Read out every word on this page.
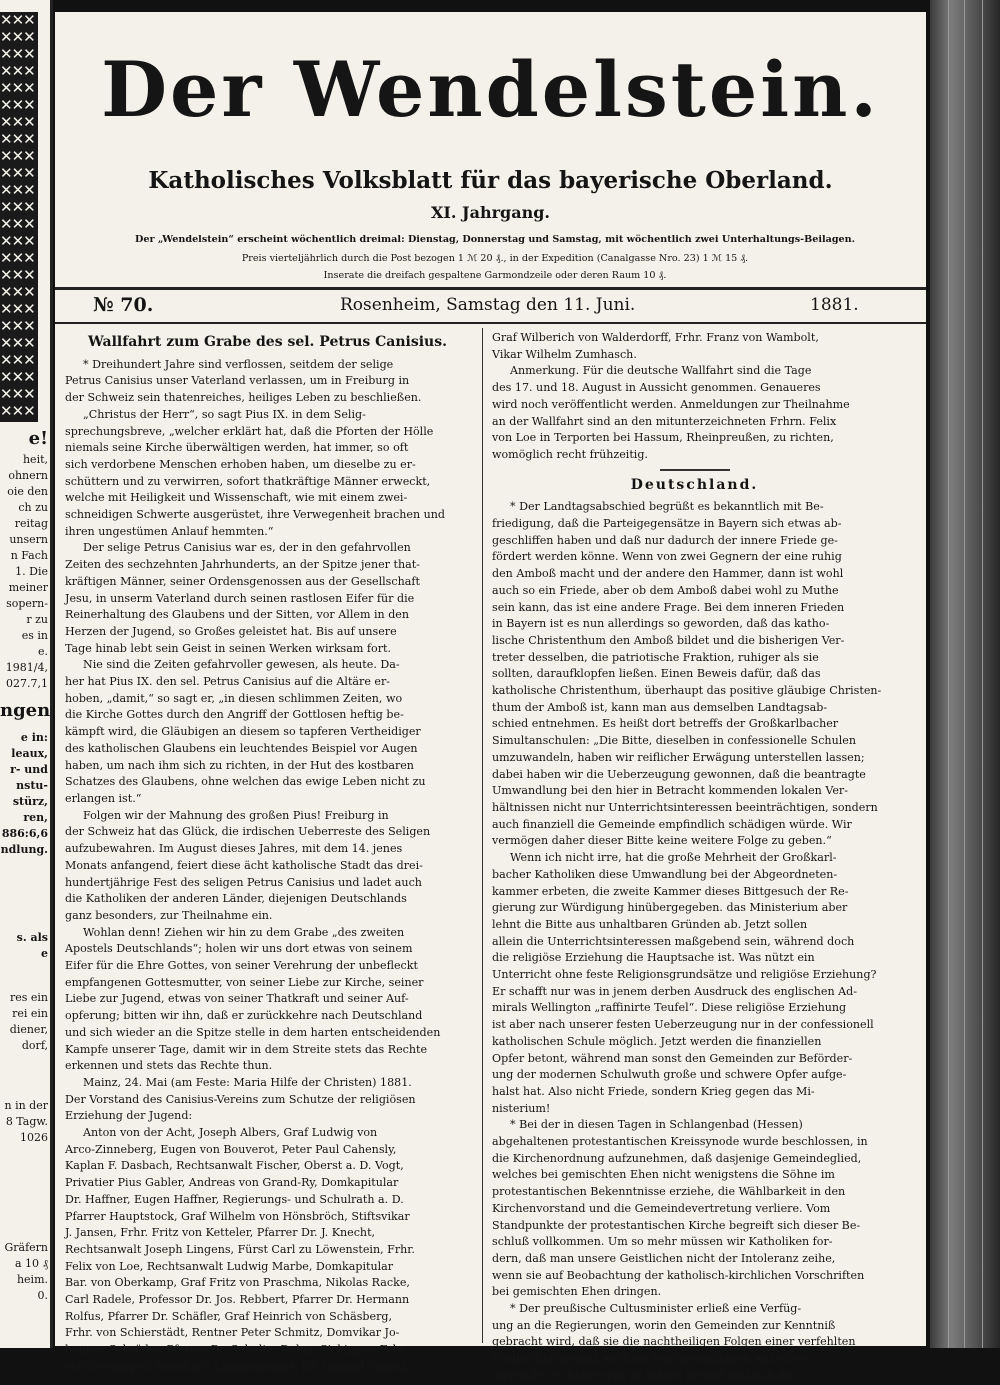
✕✕✕
✕✕✕
✕✕✕
✕✕✕
✕✕✕
✕✕✕
✕✕✕
✕✕✕
✕✕✕
✕✕✕
✕✕✕
✕✕✕
✕✕✕
✕✕✕
✕✕✕
✕✕✕
✕✕✕
✕✕✕
✕✕✕
✕✕✕
✕✕✕
✕✕✕
✕✕✕
✕✕✕
e!
heit,
ohnern
oie den
ch zu
reitag
unsern
n Fach
1. Die
meiner
sopern-
r zu
es in
e.
1981/4,
027.7,1
ngen
e in:
leaux,
r- und
nstu-
stürz,
ren,
886:6,6
ndlung.
s. als
e
res ein
rei ein
diener,
dorf,
n in der
8 Tagw.
1026
Gräfern
a 10 ₰
heim.
0.
Der Wendelstein.
Katholisches Volksblatt für das bayerische Oberland.
XI. Jahrgang.
Der „Wendelstein“ erscheint wöchentlich dreimal: Dienstag, Donnerstag und Samstag, mit wöchentlich zwei Unterhaltungs-Beilagen.
Preis vierteljährlich durch die Post bezogen 1 ℳ 20 ₰., in der Expedition (Canalgasse Nro. 23) 1 ℳ 15 ₰.
Inserate die dreifach gespaltene Garmondzeile oder deren Raum 10 ₰.
№ 70.	Rosenheim, Samstag den 11. Juni.	1881.
Wallfahrt zum Grabe des sel. Petrus Canisius.

* Dreihundert Jahre sind verflossen, seitdem der selige

Petrus Canisius unser Vaterland verlassen, um in Freiburg in

der Schweiz sein thatenreiches, heiliges Leben zu beschließen.

„Christus der Herr“, so sagt Pius IX. in dem Selig-

sprechungsbreve, „welcher erklärt hat, daß die Pforten der Hölle

niemals seine Kirche überwältigen werden, hat immer, so oft

sich verdorbene Menschen erhoben haben, um dieselbe zu er-

schüttern und zu verwirren, sofort thatkräftige Männer erweckt,

welche mit Heiligkeit und Wissenschaft, wie mit einem zwei-

schneidigen Schwerte ausgerüstet, ihre Verwegenheit brachen und

ihren ungestümen Anlauf hemmten.“

Der selige Petrus Canisius war es, der in den gefahrvollen

Zeiten des sechzehnten Jahrhunderts, an der Spitze jener that-

kräftigen Männer, seiner Ordensgenossen aus der Gesellschaft

Jesu, in unserm Vaterland durch seinen rastlosen Eifer für die

Reinerhaltung des Glaubens und der Sitten, vor Allem in den

Herzen der Jugend, so Großes geleistet hat. Bis auf unsere

Tage hinab lebt sein Geist in seinen Werken wirksam fort.

Nie sind die Zeiten gefahrvoller gewesen, als heute. Da-

her hat Pius IX. den sel. Petrus Canisius auf die Altäre er-

hoben, „damit,“ so sagt er, „in diesen schlimmen Zeiten, wo

die Kirche Gottes durch den Angriff der Gottlosen heftig be-

kämpft wird, die Gläubigen an diesem so tapferen Vertheidiger

des katholischen Glaubens ein leuchtendes Beispiel vor Augen

haben, um nach ihm sich zu richten, in der Hut des kostbaren

Schatzes des Glaubens, ohne welchen das ewige Leben nicht zu

erlangen ist.“

Folgen wir der Mahnung des großen Pius! Freiburg in

der Schweiz hat das Glück, die irdischen Ueberreste des Seligen

aufzubewahren. Im August dieses Jahres, mit dem 14. jenes

Monats anfangend, feiert diese ächt katholische Stadt das drei-

hundertjährige Fest des seligen Petrus Canisius und ladet auch

die Katholiken der anderen Länder, diejenigen Deutschlands

ganz besonders, zur Theilnahme ein.

Wohlan denn! Ziehen wir hin zu dem Grabe „des zweiten

Apostels Deutschlands“; holen wir uns dort etwas von seinem

Eifer für die Ehre Gottes, von seiner Verehrung der unbefleckt

empfangenen Gottesmutter, von seiner Liebe zur Kirche, seiner

Liebe zur Jugend, etwas von seiner Thatkraft und seiner Auf-

opferung; bitten wir ihn, daß er zurückkehre nach Deutschland

und sich wieder an die Spitze stelle in dem harten entscheidenden

Kampfe unserer Tage, damit wir in dem Streite stets das Rechte

erkennen und stets das Rechte thun.

Mainz, 24. Mai (am Feste: Maria Hilfe der Christen) 1881.

Der Vorstand des Canisius-Vereins zum Schutze der religiösen

Erziehung der Jugend:

Anton von der Acht, Joseph Albers, Graf Ludwig von

Arco-Zinneberg, Eugen von Bouverot, Peter Paul Cahensly,

Kaplan F. Dasbach, Rechtsanwalt Fischer, Oberst a. D. Vogt,

Privatier Pius Gabler, Andreas von Grand-Ry, Domkapitular

Dr. Haffner, Eugen Haffner, Regierungs- und Schulrath a. D.

Pfarrer Hauptstock, Graf Wilhelm von Hönsbröch, Stiftsvikar

J. Jansen, Frhr. Fritz von Ketteler, Pfarrer Dr. J. Knecht,

Rechtsanwalt Joseph Lingens, Fürst Carl zu Löwenstein, Frhr.

Felix von Loe, Rechtsanwalt Ludwig Marbe, Domkapitular

Bar. von Oberkamp, Graf Fritz von Praschma, Nikolas Racke,

Carl Radele, Professor Dr. Jos. Rebbert, Pfarrer Dr. Hermann

Rolfus, Pfarrer Dr. Schäfler, Graf Heinrich von Schäsberg,

Frhr. von Schierstädt, Rentner Peter Schmitz, Domvikar Jo-

hannes Schröder, Pfarrer Dr. Schulte, Dekan Sickinger, Frhr.

von Stotzingen, Leonhard Timmermanns, Dr. Winand Virnich,

Graf Wilberich von Walderdorff, Frhr. Franz von Wambolt,

Vikar Wilhelm Zumhasch.

Anmerkung. Für die deutsche Wallfahrt sind die Tage

des 17. und 18. August in Aussicht genommen. Genaueres

wird noch veröffentlicht werden. Anmeldungen zur Theilnahme

an der Wallfahrt sind an den mitunterzeichneten Frhrn. Felix

von Loe in Terporten bei Hassum, Rheinpreußen, zu richten,

womöglich recht frühzeitig.

Deutschland.

* Der Landtagsabschied begrüßt es bekanntlich mit Be-

friedigung, daß die Parteigegensätze in Bayern sich etwas ab-

geschliffen haben und daß nur dadurch der innere Friede ge-

fördert werden könne. Wenn von zwei Gegnern der eine ruhig

den Amboß macht und der andere den Hammer, dann ist wohl

auch so ein Friede, aber ob dem Amboß dabei wohl zu Muthe

sein kann, das ist eine andere Frage. Bei dem inneren Frieden

in Bayern ist es nun allerdings so geworden, daß das katho-

lische Christenthum den Amboß bildet und die bisherigen Ver-

treter desselben, die patriotische Fraktion, ruhiger als sie

sollten, daraufklopfen ließen. Einen Beweis dafür, daß das

katholische Christenthum, überhaupt das positive gläubige Christen-

thum der Amboß ist, kann man aus demselben Landtagsab-

schied entnehmen. Es heißt dort betreffs der Großkarlbacher

Simultanschulen: „Die Bitte, dieselben in confessionelle Schulen

umzuwandeln, haben wir reiflicher Erwägung unterstellen lassen;

dabei haben wir die Ueberzeugung gewonnen, daß die beantragte

Umwandlung bei den hier in Betracht kommenden lokalen Ver-

hältnissen nicht nur Unterrichtsinteressen beeinträchtigen, sondern

auch finanziell die Gemeinde empfindlich schädigen würde. Wir

vermögen daher dieser Bitte keine weitere Folge zu geben.“

Wenn ich nicht irre, hat die große Mehrheit der Großkarl-

bacher Katholiken diese Umwandlung bei der Abgeordneten-

kammer erbeten, die zweite Kammer dieses Bittgesuch der Re-

gierung zur Würdigung hinübergegeben. das Ministerium aber

lehnt die Bitte aus unhaltbaren Gründen ab. Jetzt sollen

allein die Unterrichtsinteressen maßgebend sein, während doch

die religiöse Erziehung die Hauptsache ist. Was nützt ein

Unterricht ohne feste Religionsgrundsätze und religiöse Erziehung?

Er schafft nur was in jenem derben Ausdruck des englischen Ad-

mirals Wellington „raffinirte Teufel“. Diese religiöse Erziehung

ist aber nach unserer festen Ueberzeugung nur in der confessionell

katholischen Schule möglich. Jetzt werden die finanziellen

Opfer betont, während man sonst den Gemeinden zur Beförder-

ung der modernen Schulwuth große und schwere Opfer aufge-

halst hat. Also nicht Friede, sondern Krieg gegen das Mi-

nisterium!

* Bei der in diesen Tagen in Schlangenbad (Hessen)

abgehaltenen protestantischen Kreissynode wurde beschlossen, in

die Kirchenordnung aufzunehmen, daß dasjenige Gemeindeglied,

welches bei gemischten Ehen nicht wenigstens die Söhne im

protestantischen Bekenntnisse erziehe, die Wählbarkeit in den

Kirchenvorstand und die Gemeindevertretung verliere. Vom

Standpunkte der protestantischen Kirche begreift sich dieser Be-

schluß vollkommen. Um so mehr müssen wir Katholiken for-

dern, daß man unsere Geistlichen nicht der Intoleranz zeihe,

wenn sie auf Beobachtung der katholisch-kirchlichen Vorschriften

bei gemischten Ehen dringen.

* Der preußische Cultusminister erließ eine Verfüg-

ung an die Regierungen, worin den Gemeinden zur Kenntniß

gebracht wird, daß sie die nachtheiligen Folgen einer verfehlten

Wirthschaftspolitik auch an den übermäßigen Anforder-

ungen des Schulwesens zu fühlen gehabt und daß die
